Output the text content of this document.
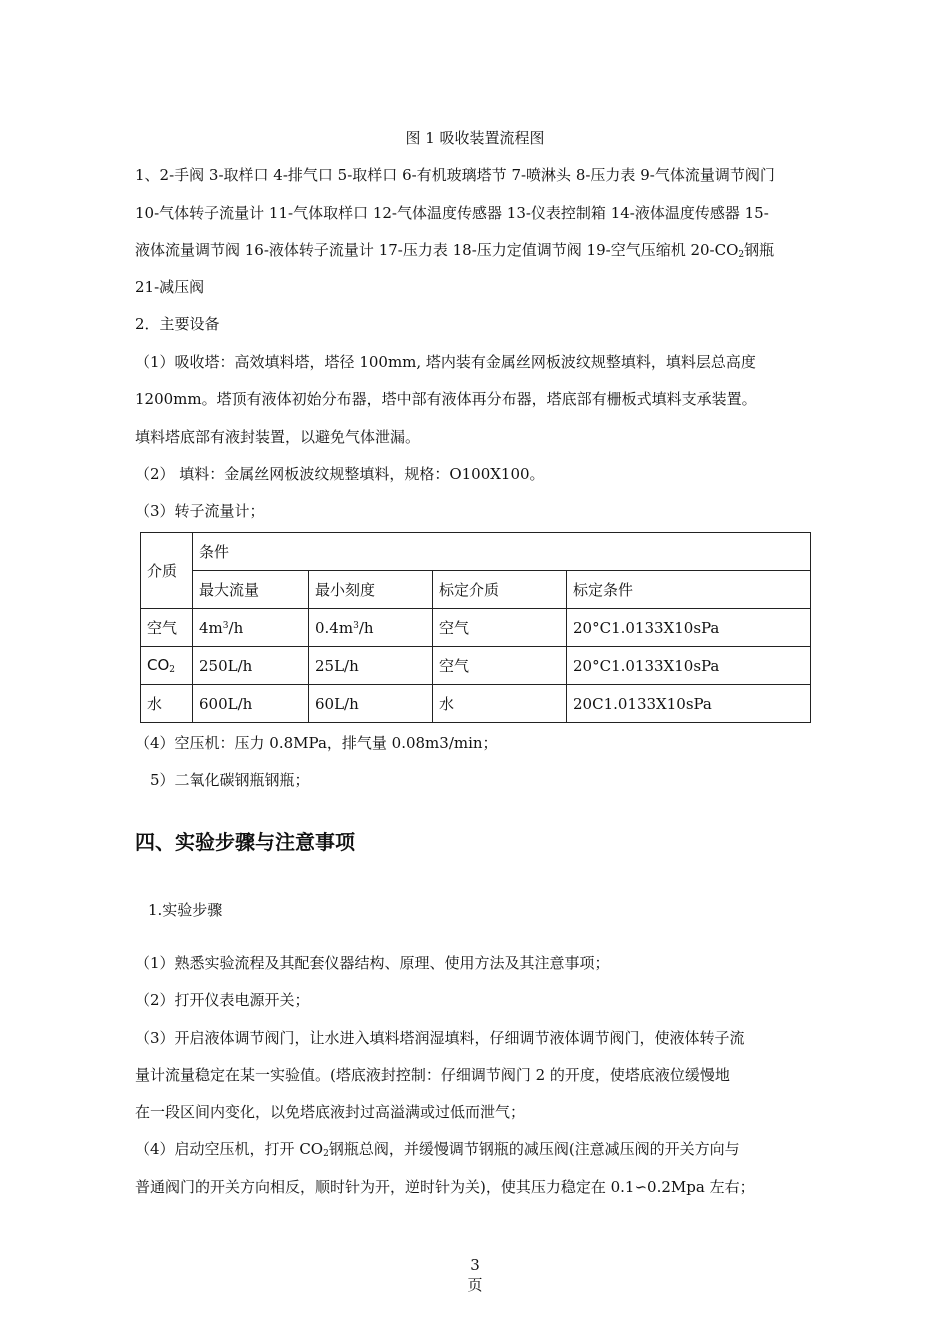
图 1 吸收装置流程图
1、2-手阀 3-取样口 4-排气口 5-取样口 6-有机玻璃塔节 7-喷淋头 8-压力表 9-气体流量调节阀门
10-气体转子流量计 11-气体取样口 12-气体温度传感器 13-仪表控制箱 14-液体温度传感器 15-
液体流量调节阀 16-液体转子流量计 17-压力表 18-压力定值调节阀 19-空气压缩机 $20-CO_2$钢瓶
21-减压阀
2．主要设备
（1）吸收塔：高效填料塔，塔径 100mm, 塔内装有金属丝网板波纹规整填料，填料层总高度
1200mm。塔顶有液体初始分布器，塔中部有液体再分布器，塔底部有栅板式填料支承装置。
填料塔底部有液封装置，以避免气体泄漏。
（2） 填料：金属丝网板波纹规整填料，规格：Ο100X100。
（3）转子流量计；
介质	条件			
	最大流量	最小刻度	标定介质	标定条件
空气	$4m^3/h$	$0.4m^3/h$	空气	20°C1.0133X10sPa
$CO_2$	250L/h	25L/h	空气	20°C1.0133X10sPa
水	600L/h	60L/h	水	20C1.0133X10sPa
（4）空压机：压力 0.8MPa，排气量 0.08m3/min；
5）二氧化碳钢瓶钢瓶；
四、实验步骤与注意事项
1.实验步骤
（1）熟悉实验流程及其配套仪器结构、原理、使用方法及其注意事项；
（2）打开仪表电源开关；
（3）开启液体调节阀门，让水进入填料塔润湿填料，仔细调节液体调节阀门，使液体转子流
量计流量稳定在某一实验值。(塔底液封控制：仔细调节阀门 2 的开度，使塔底液位缓慢地
在一段区间内变化，以免塔底液封过高溢满或过低而泄气；
（4）启动空压机，打开 $CO_2$钢瓶总阀，并缓慢调节钢瓶的减压阀(注意减压阀的开关方向与
普通阀门的开关方向相反，顺时针为开，逆时针为关)，使其压力稳定在 0.1∽0.2Mpa 左右；
3
页
